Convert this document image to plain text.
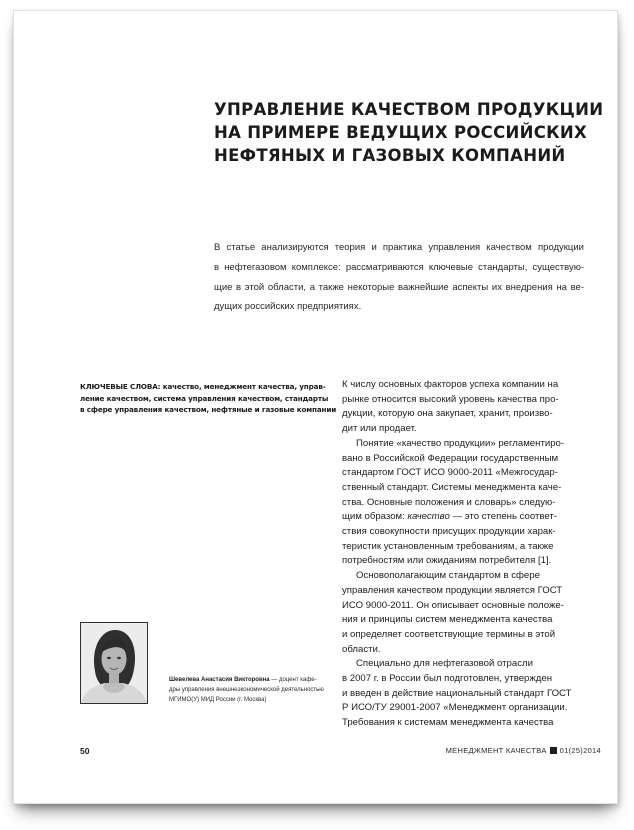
УПРАВЛЕНИЕ КАЧЕСТВОМ ПРОДУКЦИИ
НА ПРИМЕРЕ ВЕДУЩИХ РОССИЙСКИХ
НЕФТЯНЫХ И ГАЗОВЫХ КОМПАНИЙ
В статье анализируются теория и практика управления качеством продукции
в нефтегазовом комплексе: рассматриваются ключевые стандарты, существую-
щие в этой области, а также некоторые важнейшие аспекты их внедрения на ве-
дущих российских предприятиях.
КЛЮЧЕВЫЕ СЛОВА: качество, менеджмент качества, управ-
ление качеством, система управления качеством, стандарты
в сфере управления качеством, нефтяные и газовые компании
К числу основных факторов успеха компании на
рынке относится высокий уровень качества про-
дукции, которую она закупает, хранит, произво-
дит или продает.
Понятие «качество продукции» регламентиро-
вано в Российской Федерации государственным
стандартом ГОСТ ИСО 9000-2011 «Межгосудар-
ственный стандарт. Системы менеджмента каче-
ства. Основные положения и словарь» следую-
щим образом: качество — это степень соответ-
ствия совокупности присущих продукции харак-
теристик установленным требованиям, а также
потребностям или ожиданиям потребителя [1].
Основополагающим стандартом в сфере
управления качеством продукции является ГОСТ
ИСО 9000-2011. Он описывает основные положе-
ния и принципы систем менеджмента качества
и определяет соответствующие термины в этой
области.
Специально для нефтегазовой отрасли
в 2007 г. в России был подготовлен, утвержден
и введен в действие национальный стандарт ГОСТ
Р ИСО/ТУ 29001-2007 «Менеджмент организации.
Требования к системам менеджмента качества
Шевелева Анастасия Викторовна — доцент кафе-
дры управления внешнеэкономической деятельностью
МГИМО(У) МИД России (г. Москва)
50	МЕНЕДЖМЕНТ КАЧЕСТВА 01(25)2014
